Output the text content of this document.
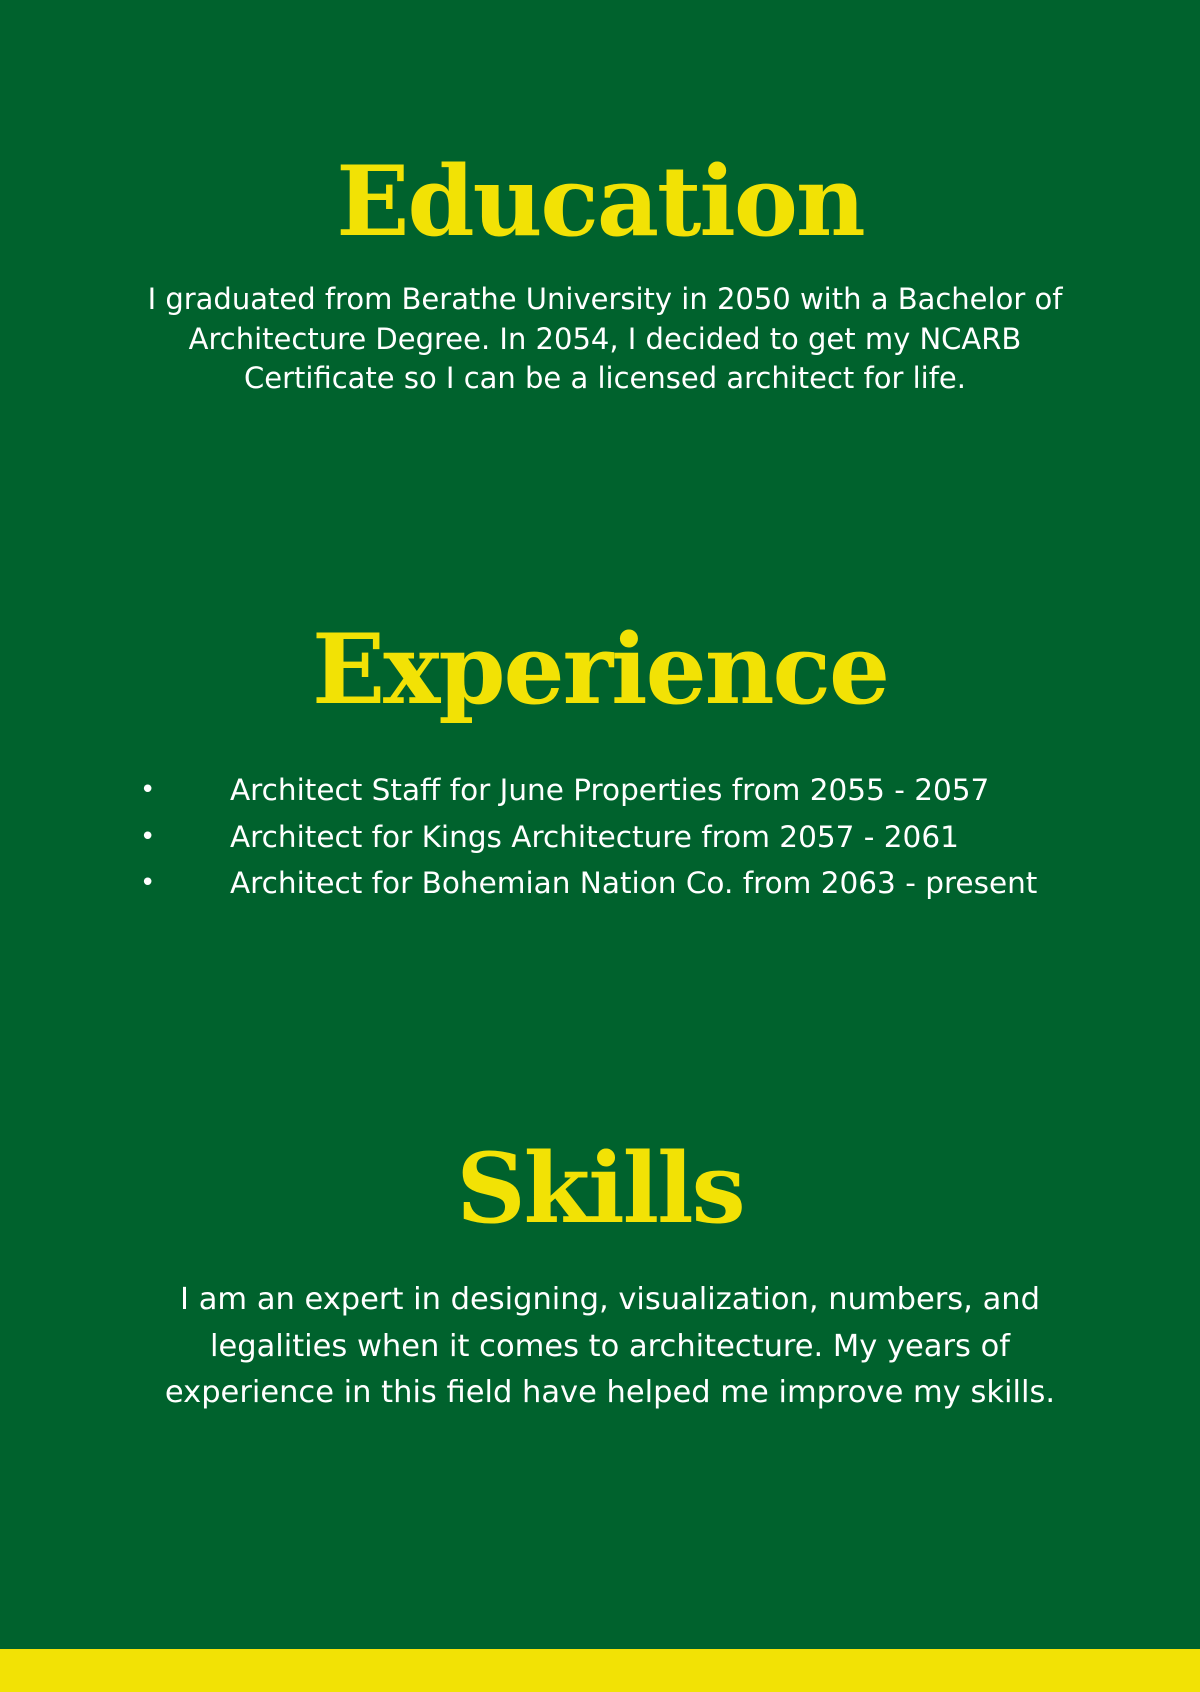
Education

I graduated from Berathe University in 2050 with a Bachelor of Architecture Degree. In 2054, I decided to get my NCARB Certificate so I can be a licensed architect for life.

Experience
•	Architect Staff for June Properties from 2055 - 2057
•	Architect for Kings Architecture from 2057 - 2061
•	Architect for Bohemian Nation Co. from 2063 - present
Skills

I am an expert in designing, visualization, numbers, and legalities when it comes to architecture. My years of experience in this field have helped me improve my skills.
